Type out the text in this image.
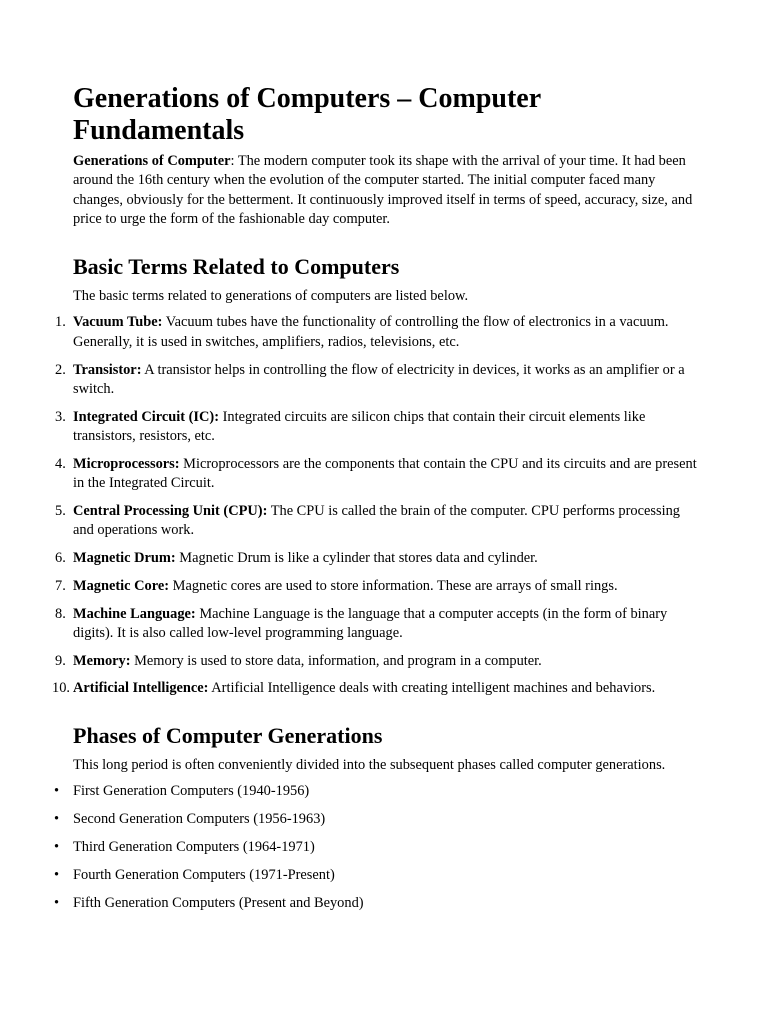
Generations of Computers – Computer Fundamentals

Generations of Computer: The modern computer took its shape with the arrival of your time. It had been around the 16th century when the evolution of the computer started. The initial computer faced many changes, obviously for the betterment. It continuously improved itself in terms of speed, accuracy, size, and price to urge the form of the fashionable day computer.

Basic Terms Related to Computers

The basic terms related to generations of computers are listed below.

1. Vacuum Tube: Vacuum tubes have the functionality of controlling the flow of electronics in a vacuum. Generally, it is used in switches, amplifiers, radios, televisions, etc.
2. Transistor: A transistor helps in controlling the flow of electricity in devices, it works as an amplifier or a switch.
3. Integrated Circuit (IC): Integrated circuits are silicon chips that contain their circuit elements like transistors, resistors, etc.
4. Microprocessors: Microprocessors are the components that contain the CPU and its circuits and are present in the Integrated Circuit.
5. Central Processing Unit (CPU): The CPU is called the brain of the computer. CPU performs processing and operations work.
6. Magnetic Drum: Magnetic Drum is like a cylinder that stores data and cylinder.
7. Magnetic Core: Magnetic cores are used to store information. These are arrays of small rings.
8. Machine Language: Machine Language is the language that a computer accepts (in the form of binary digits). It is also called low-level programming language.
9. Memory: Memory is used to store data, information, and program in a computer.
10. Artificial Intelligence: Artificial Intelligence deals with creating intelligent machines and behaviors.
Phases of Computer Generations

This long period is often conveniently divided into the subsequent phases called computer generations.

• First Generation Computers (1940-1956)
• Second Generation Computers (1956-1963)
• Third Generation Computers (1964-1971)
• Fourth Generation Computers (1971-Present)
• Fifth Generation Computers (Present and Beyond)
